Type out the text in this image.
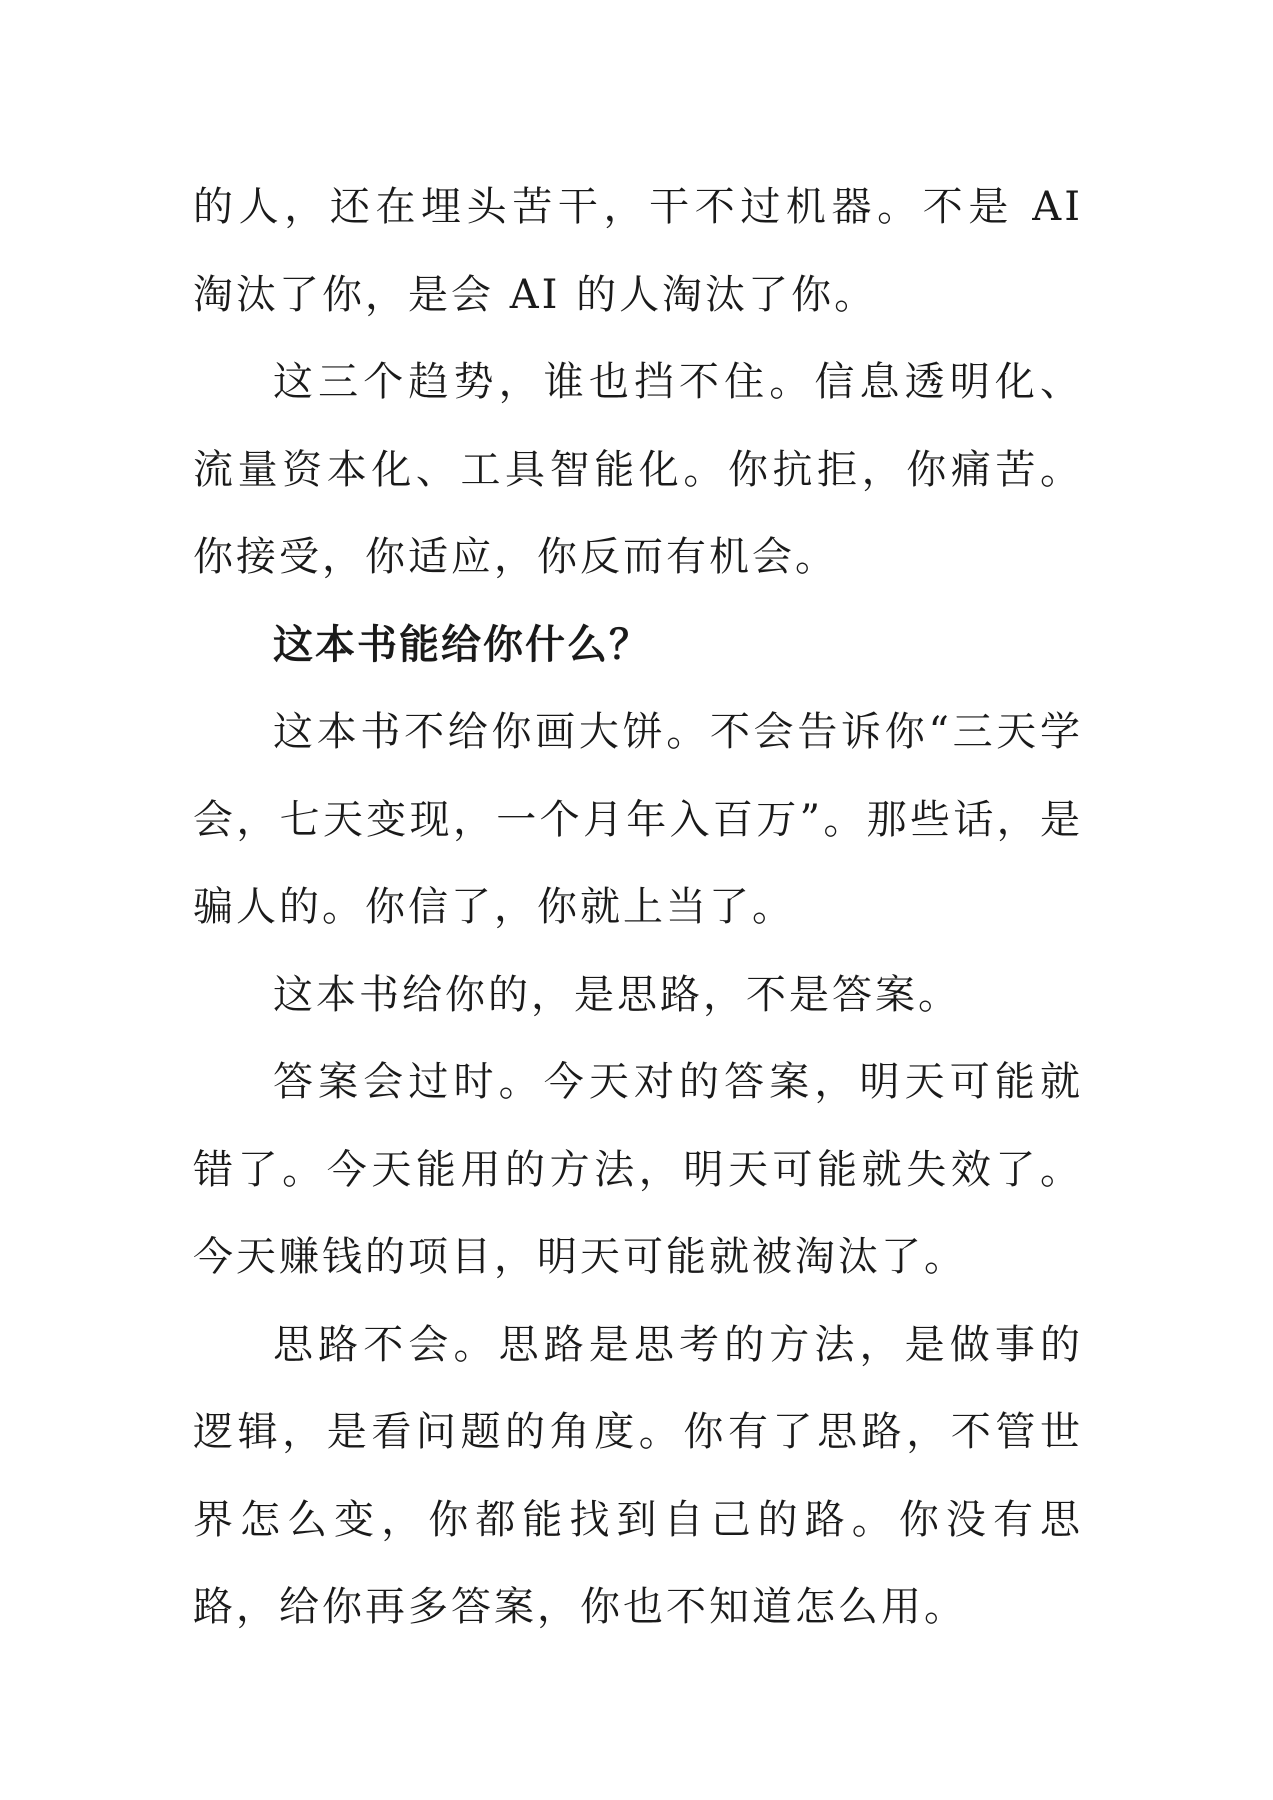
的人，还在埋头苦干，干不过机器。不是 AI 淘汰了你，是会 AI 的人淘汰了你。

这三个趋势，谁也挡不住。信息透明化、流量资本化、工具智能化。你抗拒，你痛苦。你接受，你适应，你反而有机会。

这本书能给你什么？

这本书不给你画大饼。不会告诉你“三天学会，七天变现，一个月年入百万”。那些话，是骗人的。你信了，你就上当了。

这本书给你的，是思路，不是答案。

答案会过时。今天对的答案，明天可能就错了。今天能用的方法，明天可能就失效了。今天赚钱的项目，明天可能就被淘汰了。

思路不会。思路是思考的方法，是做事的逻辑，是看问题的角度。你有了思路，不管世界怎么变，你都能找到自己的路。你没有思路，给你再多答案，你也不知道怎么用。
